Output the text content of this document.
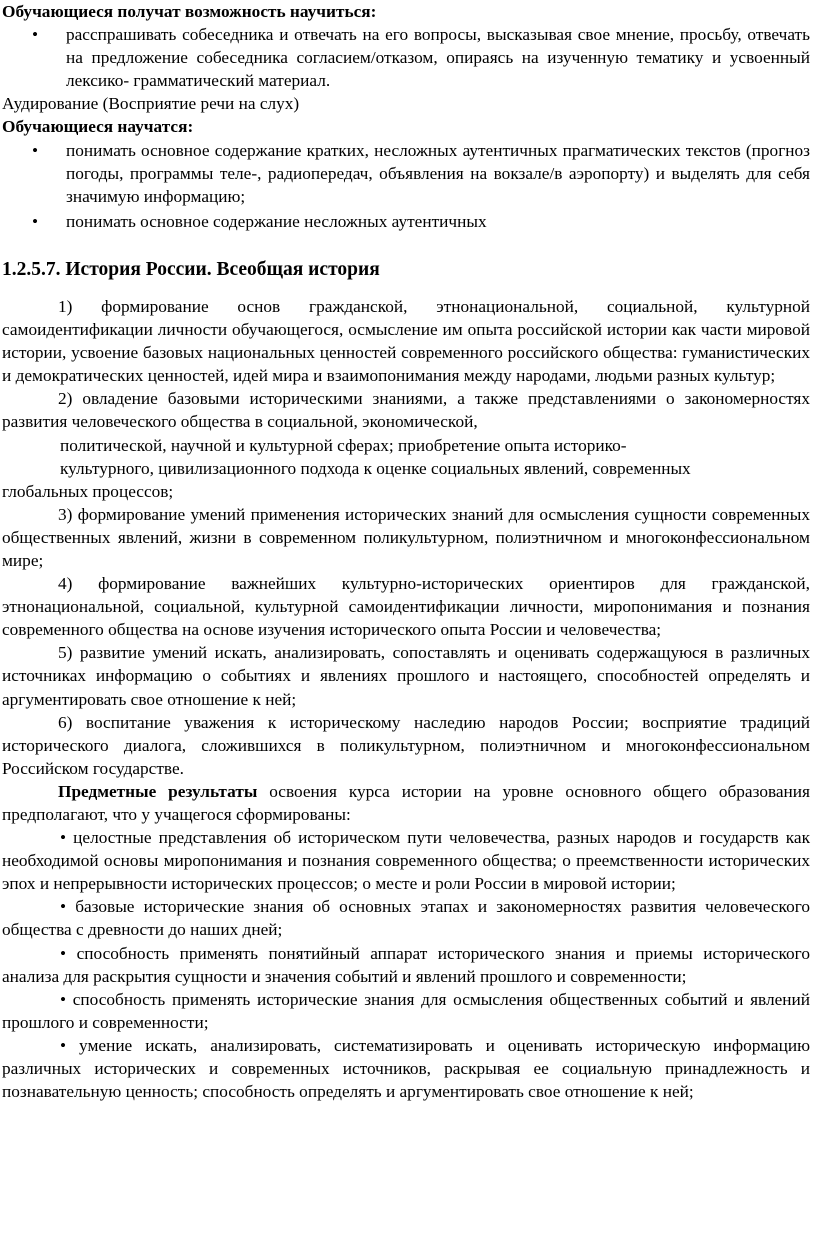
Обучающиеся получат возможность научиться:

• расспрашивать собеседника и отвечать на его вопросы, высказывая свое мнение, просьбу, отвечать на предложение собеседника согласием/отказом, опираясь на изученную тематику и усвоенный лексико- грамматический материал.

Аудирование (Восприятие речи на слух)

Обучающиеся научатся:

• понимать основное содержание кратких, несложных аутентичных прагматических текстов (прогноз погоды, программы теле-, радиопередач, объявления на вокзале/в аэропорту) и выделять для себя значимую информацию;
• понимать основное содержание несложных аутентичных
1.2.5.7. История России. Всеобщая история

1) формирование основ гражданской, этнонациональной, социальной, культурной самоидентификации личности обучающегося, осмысление им опыта российской истории как части мировой истории, усвоение базовых национальных ценностей современного российского общества: гуманистических и демократических ценностей, идей мира и взаимопонимания между народами, людьми разных культур;

2) овладение базовыми историческими знаниями, а также представлениями о закономерностях развития человеческого общества в социальной, экономической,

политической, научной и культурной сферах; приобретение опыта историко-

культурного, цивилизационного подхода к оценке социальных явлений, современных

глобальных процессов;

3) формирование умений применения исторических знаний для осмысления сущности современных общественных явлений, жизни в современном поликультурном, полиэтничном и многоконфессиональном мире;

4) формирование важнейших культурно-исторических ориентиров для гражданской, этнонациональной, социальной, культурной самоидентификации личности, миропонимания и познания современного общества на основе изучения исторического опыта России и человечества;

5) развитие умений искать, анализировать, сопоставлять и оценивать содержащуюся в различных источниках информацию о событиях и явлениях прошлого и настоящего, способностей определять и аргументировать свое отношение к ней;

6) воспитание уважения к историческому наследию народов России; восприятие традиций исторического диалога, сложившихся в поликультурном, полиэтничном и многоконфессиональном Российском государстве.

Предметные результаты освоения курса истории на уровне основного общего образования предполагают, что у учащегося сформированы:

• целостные представления об историческом пути человечества, разных народов и государств как необходимой основы миропонимания и познания современного общества; о преемственности исторических эпох и непрерывности исторических процессов; о месте и роли России в мировой истории;

• базовые исторические знания об основных этапах и закономерностях развития человеческого общества с древности до наших дней;

• способность применять понятийный аппарат исторического знания и приемы исторического анализа для раскрытия сущности и значения событий и явлений прошлого и современности;

• способность применять исторические знания для осмысления общественных событий и явлений прошлого и современности;

• умение искать, анализировать, систематизировать и оценивать историческую информацию различных исторических и современных источников, раскрывая ее социальную принадлежность и познавательную ценность; способность определять и аргументировать свое отношение к ней;
